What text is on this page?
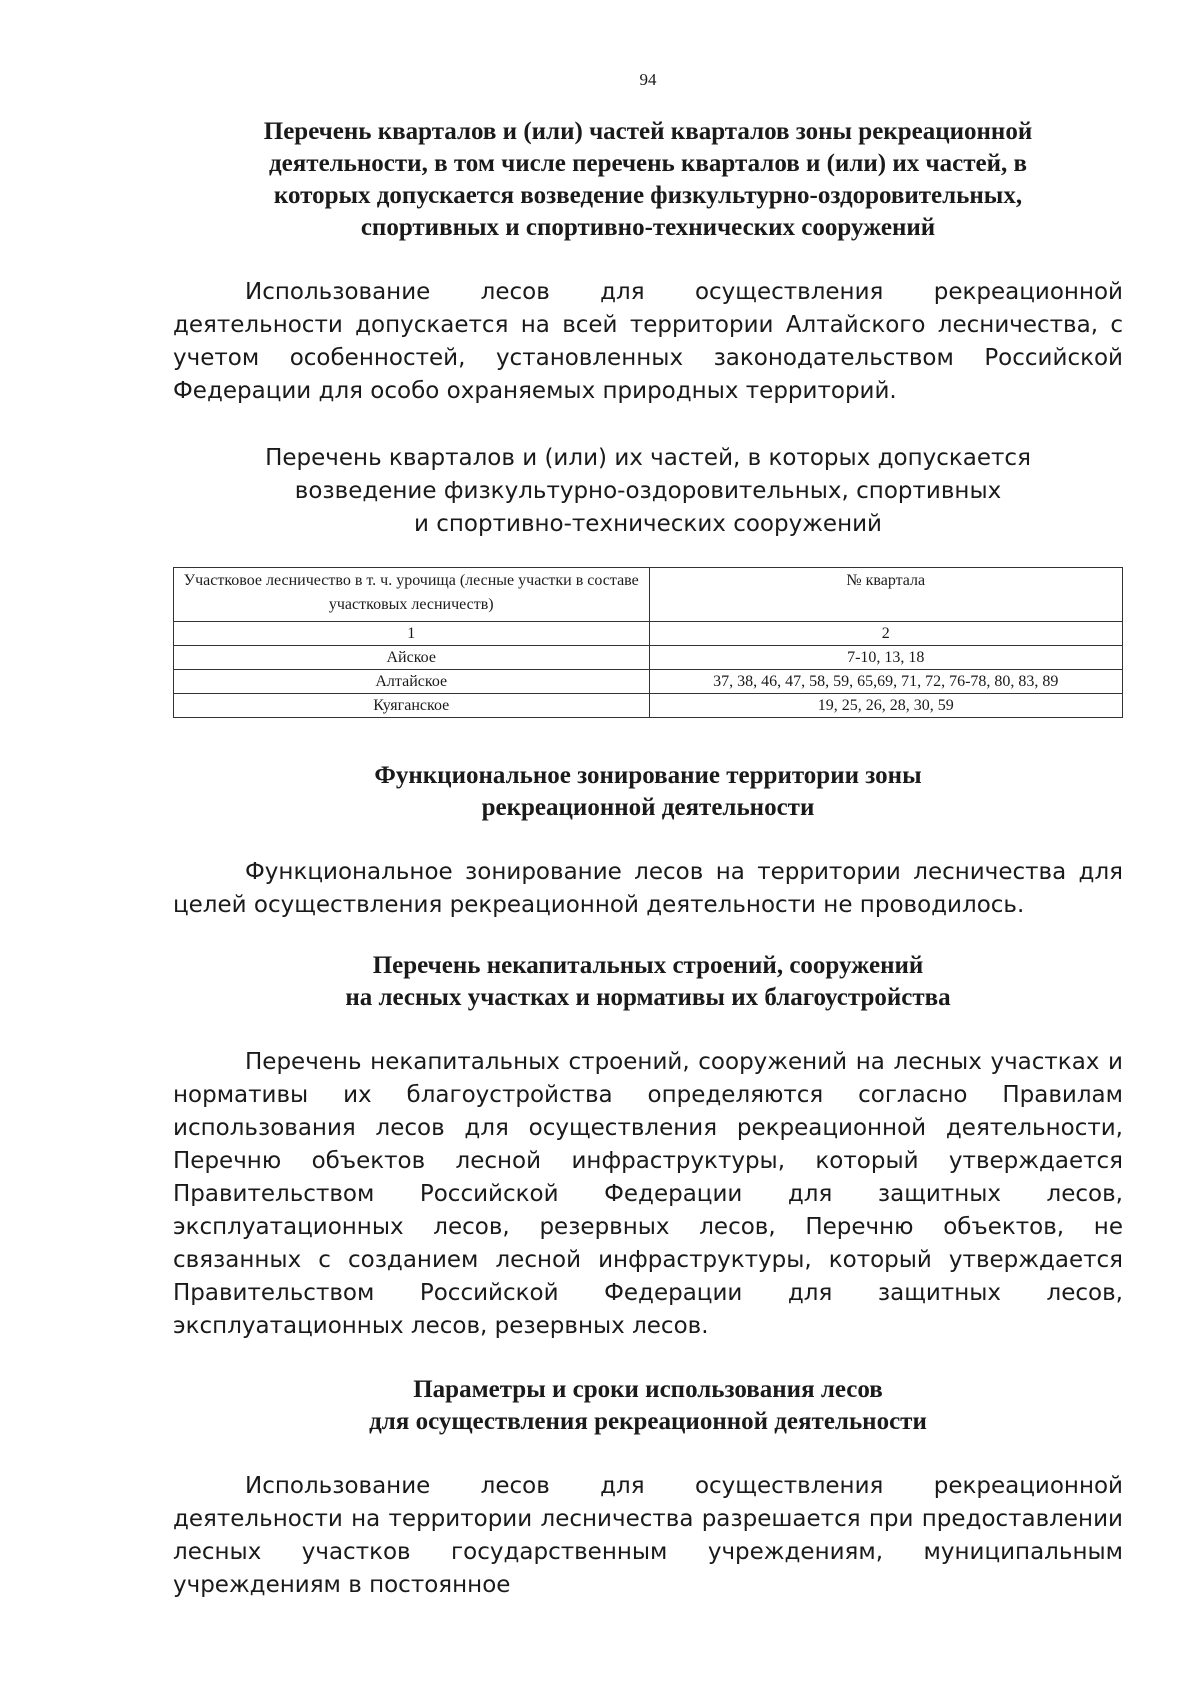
94
Перечень кварталов и (или) частей кварталов зоны рекреационной
деятельности, в том числе перечень кварталов и (или) их частей, в
которых допускается возведение физкультурно-оздоровительных,
спортивных и спортивно-технических сооружений

Использование лесов для осуществления рекреационной деятельности допускается на всей территории Алтайского лесничества, с учетом особенностей, установленных законодательством Российской Федерации для особо охраняемых природных территорий.

Перечень кварталов и (или) их частей, в которых допускается
возведение физкультурно-оздоровительных, спортивных
и спортивно-технических сооружений

Участковое лесничество в т. ч. урочища (лесные участки в составе участковых лесничеств)	№ квартала
1	2
Айское	7-10, 13, 18
Алтайское	37, 38, 46, 47, 58, 59, 65,69, 71, 72, 76-78, 80, 83, 89
Куяганское	19, 25, 26, 28, 30, 59
Функциональное зонирование территории зоны
рекреационной деятельности

Функциональное зонирование лесов на территории лесничества для целей осуществления рекреационной деятельности не проводилось.

Перечень некапитальных строений, сооружений
на лесных участках и нормативы их благоустройства

Перечень некапитальных строений, сооружений на лесных участках и нормативы их благоустройства определяются согласно Правилам использования лесов для осуществления рекреационной деятельности, Перечню объектов лесной инфраструктуры, который утверждается Правительством Российской Федерации для защитных лесов, эксплуатационных лесов, резервных лесов, Перечню объектов, не связанных с созданием лесной инфраструктуры, который утверждается Правительством Российской Федерации для защитных лесов, эксплуатационных лесов, резервных лесов.

Параметры и сроки использования лесов
для осуществления рекреационной деятельности

Использование лесов для осуществления рекреационной деятельности на территории лесничества разрешается при предоставлении лесных участков государственным учреждениям, муниципальным учреждениям в постоянное
